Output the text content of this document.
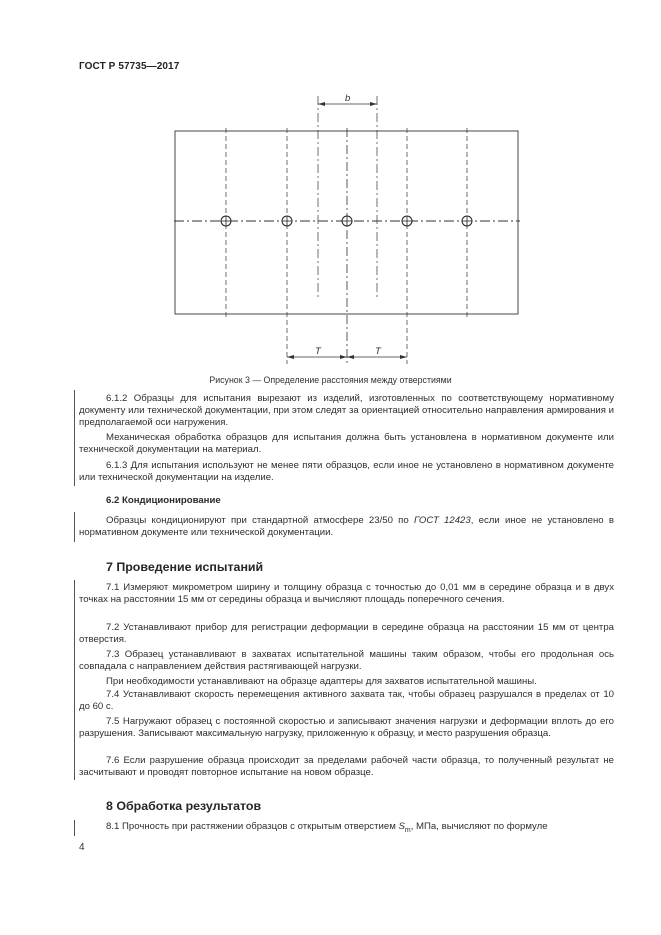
ГОСТ Р 57735—2017
b
T	T
Рисунок 3 — Определение расстояния между отверстиями
6.1.2 Образцы для испытания вырезают из изделий, изготовленных по соответствующему нормативному документу или технической документации, при этом следят за ориентацией относительно направления армирования и предполагаемой оси нагружения.
Механическая обработка образцов для испытания должна быть установлена в нормативном документе или технической документации на материал.
6.1.3 Для испытания используют не менее пяти образцов, если иное не установлено в нормативном документе или технической документации на изделие.
6.2 Кондиционирование
Образцы кондиционируют при стандартной атмосфере 23/50 по ГОСТ 12423, если иное не установлено в нормативном документе или технической документации.
7 Проведение испытаний
7.1 Измеряют микрометром ширину и толщину образца с точностью до 0,01 мм в середине образца и в двух точках на расстоянии 15 мм от середины образца и вычисляют площадь поперечного сечения.
7.2 Устанавливают прибор для регистрации деформации в середине образца на расстоянии 15 мм от центра отверстия.
7.3 Образец устанавливают в захватах испытательной машины таким образом, чтобы его продольная ось совпадала с направлением действия растягивающей нагрузки.
При необходимости устанавливают на образце адаптеры для захватов испытательной машины.
7.4 Устанавливают скорость перемещения активного захвата так, чтобы образец разрушался в пределах от 10 до 60 с.
7.5 Нагружают образец с постоянной скоростью и записывают значения нагрузки и деформации вплоть до его разрушения. Записывают максимальную нагрузку, приложенную к образцу, и место разрушения образца.
7.6 Если разрушение образца происходит за пределами рабочей части образца, то полученный результат не засчитывают и проводят повторное испытание на новом образце.
8 Обработка результатов
8.1 Прочность при растяжении образцов с открытым отверстием $S_m$, МПа, вычисляют по формуле
4
